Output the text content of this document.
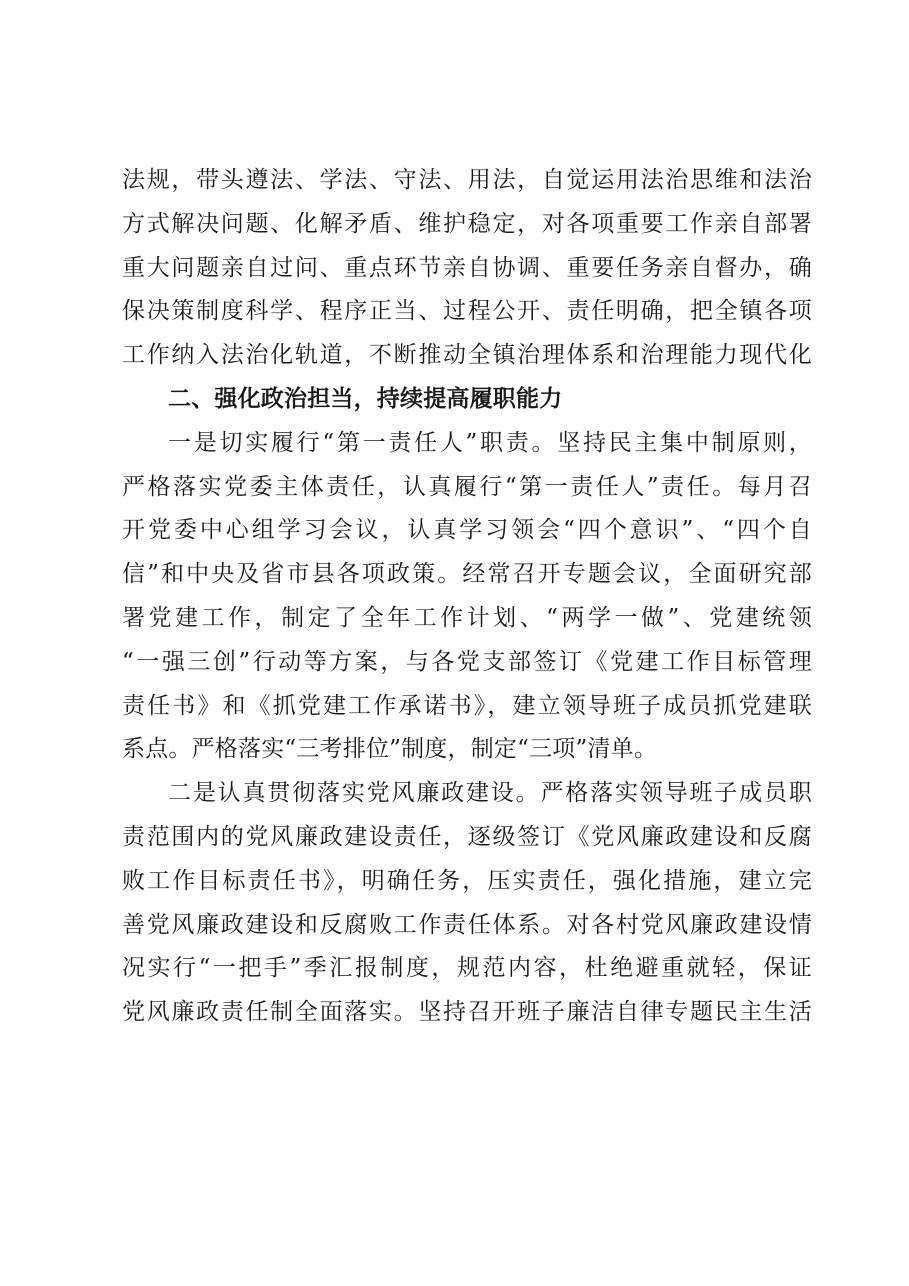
法规，带头遵法、学法、守法、用法，自觉运用法治思维和法治
方式解决问题、化解矛盾、维护稳定，对各项重要工作亲自部署
重大问题亲自过问、重点环节亲自协调、重要任务亲自督办，确
保决策制度科学、程序正当、过程公开、责任明确，把全镇各项
工作纳入法治化轨道，不断推动全镇治理体系和治理能力现代化
二、强化政治担当，持续提高履职能力
一是切实履行“第一责任人”职责。坚持民主集中制原则，
严格落实党委主体责任，认真履行“第一责任人”责任。每月召
开党委中心组学习会议，认真学习领会“四个意识”、“四个自
信”和中央及省市县各项政策。经常召开专题会议，全面研究部
署党建工作，制定了全年工作计划、“两学一做”、党建统领
“一强三创”行动等方案，与各党支部签订《党建工作目标管理
责任书》和《抓党建工作承诺书》，建立领导班子成员抓党建联
系点。严格落实“三考排位”制度，制定“三项”清单。
二是认真贯彻落实党风廉政建设。严格落实领导班子成员职
责范围内的党风廉政建设责任，逐级签订《党风廉政建设和反腐
败工作目标责任书》，明确任务，压实责任，强化措施，建立完
善党风廉政建设和反腐败工作责任体系。对各村党风廉政建设情
况实行“一把手”季汇报制度，规范内容，杜绝避重就轻，保证
党风廉政责任制全面落实。坚持召开班子廉洁自律专题民主生活
